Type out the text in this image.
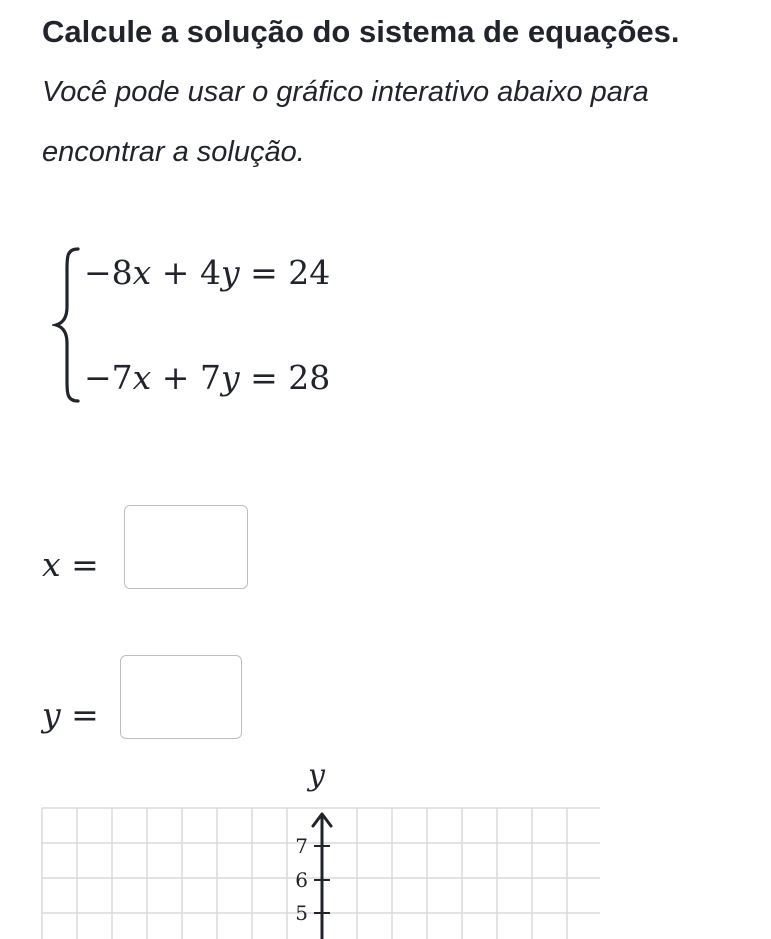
Calcule a solução do sistema de equações.
Você pode usar o gráfico interativo abaixo para encontrar a solução.
−8x + 4y = 24
−7x + 7y = 28
x =
y =
y
7
6
5
